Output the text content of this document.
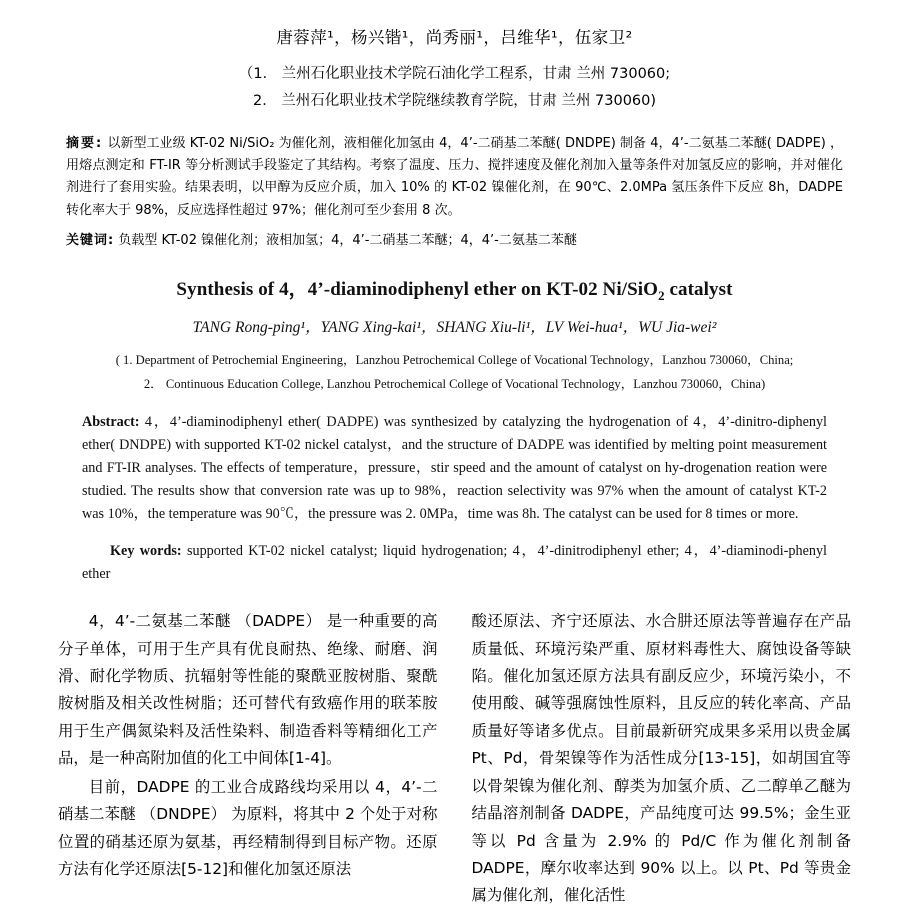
唐蓉萍¹，杨兴锴¹，尚秀丽¹，吕维华¹，伍家卫²
（1． 兰州石化职业技术学院石油化学工程系，甘肃 兰州 730060;
2． 兰州石化职业技术学院继续教育学院，甘肃 兰州 730060)
摘要: 以新型工业级 KT-02 Ni/SiO₂ 为催化剂，液相催化加氢由 4，4’-二硝基二苯醚( DNDPE) 制备 4，4’-二氨基二苯醚( DADPE) ，用熔点测定和 FT-IR 等分析测试手段鉴定了其结构。考察了温度、压力、搅拌速度及催化剂加入量等条件对加氢反应的影响，并对催化剂进行了套用实验。结果表明，以甲醇为反应介质，加入 10% 的 KT-02 镍催化剂，在 90℃、2.0MPa 氢压条件下反应 8h，DADPE 转化率大于 98%，反应选择性超过 97%；催化剂可至少套用 8 次。
关键词: 负载型 KT-02 镍催化剂；液相加氢；4，4’-二硝基二苯醚；4，4’-二氨基二苯醚
Synthesis of 4，4’-diaminodiphenyl ether on KT-02 Ni/SiO$_2$ catalyst
TANG Rong-ping¹，YANG Xing-kai¹，SHANG Xiu-li¹，LV Wei-hua¹，WU Jia-wei²
( 1. Department of Petrochemial Engineering，Lanzhou Petrochemical College of Vocational Technology，Lanzhou 730060，China;
2． Continuous Education College, Lanzhou Petrochemical College of Vocational Technology，Lanzhou 730060，China)

Abstract: 4，4’-diaminodiphenyl ether( DADPE) was synthesized by catalyzing the hydrogenation of 4，4’-dinitro-diphenyl ether( DNDPE) with supported KT-02 nickel catalyst，and the structure of DADPE was identified by melting point measurement and FT-IR analyses. The effects of temperature，pressure，stir speed and the amount of catalyst on hy-drogenation reation were studied. The results show that conversion rate was up to 98%，reaction selectivity was 97% when the amount of catalyst KT-2 was 10%，the temperature was 90℃，the pressure was 2. 0MPa，time was 8h. The catalyst can be used for 8 times or more.

Key words: supported KT-02 nickel catalyst; liquid hydrogenation; 4，4’-dinitrodiphenyl ether; 4，4’-diaminodi-phenyl ether

4，4’-二氨基二苯醚 （DADPE） 是一种重要的高分子单体，可用于生产具有优良耐热、绝缘、耐磨、润滑、耐化学物质、抗辐射等性能的聚酰亚胺树脂、聚酰胺树脂及相关改性树脂；还可替代有致癌作用的联苯胺用于生产偶氮染料及活性染料、制造香料等精细化工产品，是一种高附加值的化工中间体[1-4]。

目前，DADPE 的工业合成路线均采用以 4，4’-二硝基二苯醚 （DNDPE） 为原料，将其中 2 个处于对称位置的硝基还原为氨基，再经精制得到目标产物。还原方法有化学还原法[5-12]和催化加氢还原法

酸还原法、齐宁还原法、水合肼还原法等普遍存在产品质量低、环境污染严重、原材料毒性大、腐蚀设备等缺陷。催化加氢还原方法具有副反应少，环境污染小，不使用酸、碱等强腐蚀性原料，且反应的转化率高、产品质量好等诸多优点。目前最新研究成果多采用以贵金属 Pt、Pd，骨架镍等作为活性成分[13-15]，如胡国宜等以骨架镍为催化剂、醇类为加氢介质、乙二醇单乙醚为结晶溶剂制备 DADPE，产品纯度可达 99.5%；金生亚等以 Pd 含量为 2.9% 的 Pd/C 作为催化剂制备 DADPE，摩尔收率达到 90% 以上。以 Pt、Pd 等贵金属为催化剂，催化活性
